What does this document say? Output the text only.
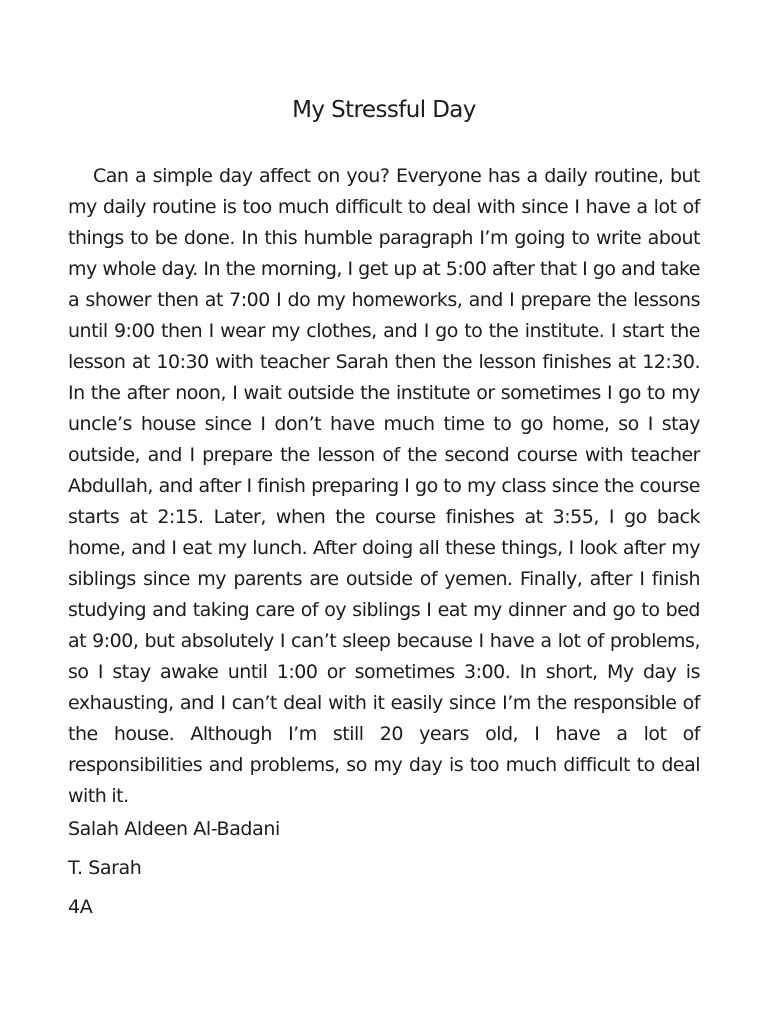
My Stressful Day

Can a simple day affect on you? Everyone has a daily routine, but my daily routine is too much difficult to deal with since I have a lot of things to be done. In this humble paragraph I’m going to write about my whole day. In the morning, I get up at 5:00 after that I go and take a shower then at 7:00 I do my homeworks, and I prepare the lessons until 9:00 then I wear my clothes, and I go to the institute. I start the lesson at 10:30 with teacher Sarah then the lesson finishes at 12:30. In the after noon, I wait outside the institute or sometimes I go to my uncle’s house since I don’t have much time to go home, so I stay outside, and I prepare the lesson of the second course with teacher Abdullah, and after I finish preparing I go to my class since the course starts at 2:15. Later, when the course finishes at 3:55, I go back home, and I eat my lunch. After doing all these things, I look after my siblings since my parents are outside of yemen. Finally, after I finish studying and taking care of oy siblings I eat my dinner and go to bed at 9:00, but absolutely I can’t sleep because I have a lot of problems, so I stay awake until 1:00 or sometimes 3:00. In short, My day is exhausting, and I can’t deal with it easily since I’m the responsible of the house. Although I’m still 20 years old, I have a lot of responsibilities and problems, so my day is too much difficult to deal with it.

Salah Aldeen Al-Badani

T. Sarah

4A
